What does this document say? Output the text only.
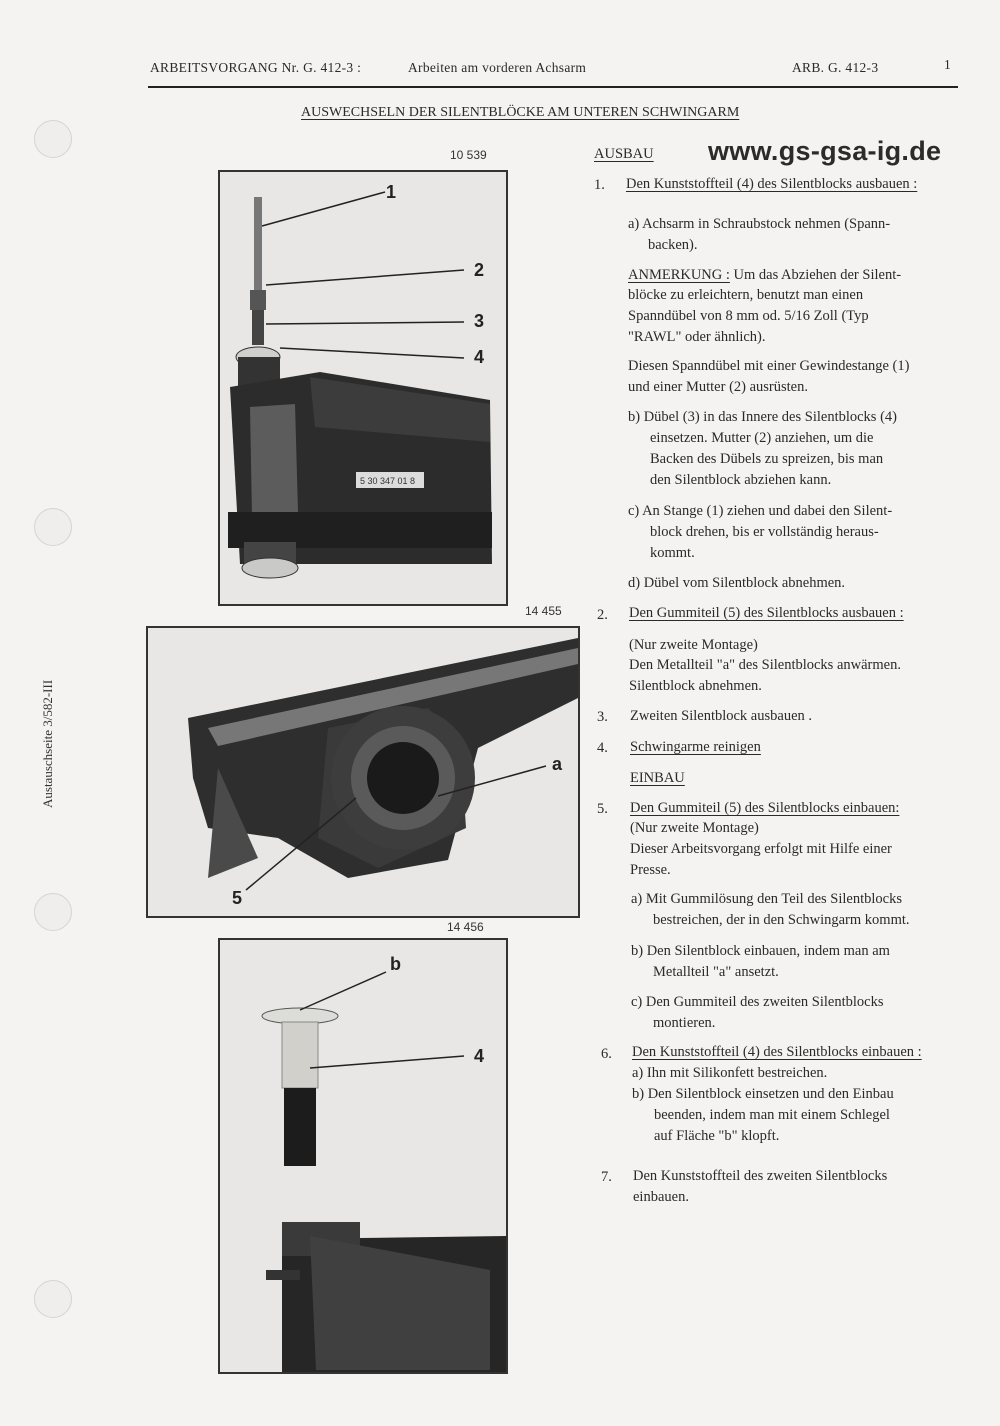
ARBEITSVORGANG Nr. G. 412-3 :	Arbeiten am vorderen Achsarm	ARB. G. 412-3	1
AUSWECHSELN DER SILENTBLÖCKE AM UNTEREN SCHWINGARM
www.gs-gsa-ig.de
Austauschseite 3/582-III
10 539
5 30 347 01 8
1
2
3
4
14 455
a
5
14 456
b
4
AUSBAU
1. Den Kunststoffteil (4) des Silentblocks ausbauen :
a) Achsarm in Schraubstock nehmen (Spann-
backen).
ANMERKUNG : Um das Abziehen der Silent-
blöcke zu erleichtern, benutzt man einen
Spanndübel von 8 mm od. 5/16 Zoll (Typ
"RAWL" oder ähnlich).
Diesen Spanndübel mit einer Gewindestange (1)
und einer Mutter (2) ausrüsten.
b) Dübel (3) in das Innere des Silentblocks (4)
einsetzen. Mutter (2) anziehen, um die
Backen des Dübels zu spreizen, bis man
den Silentblock abziehen kann.
c) An Stange (1) ziehen und dabei den Silent-
block drehen, bis er vollständig heraus-
kommt.
d) Dübel vom Silentblock abnehmen.
2. Den Gummiteil (5) des Silentblocks ausbauen :
(Nur zweite Montage)
Den Metallteil "a" des Silentblocks anwärmen.
Silentblock abnehmen.
3. Zweiten Silentblock ausbauen .
4. Schwingarme reinigen
EINBAU
5. Den Gummiteil (5) des Silentblocks einbauen:
(Nur zweite Montage)
Dieser Arbeitsvorgang erfolgt mit Hilfe einer
Presse.
a) Mit Gummilösung den Teil des Silentblocks
bestreichen, der in den Schwingarm kommt.
b) Den Silentblock einbauen, indem man am
Metallteil "a" ansetzt.
c) Den Gummiteil des zweiten Silentblocks
montieren.
6. Den Kunststoffteil (4) des Silentblocks einbauen :
a) Ihn mit Silikonfett bestreichen.
b) Den Silentblock einsetzen und den Einbau
beenden, indem man mit einem Schlegel
auf Fläche "b" klopft.
7. Den Kunststoffteil des zweiten Silentblocks
einbauen.
